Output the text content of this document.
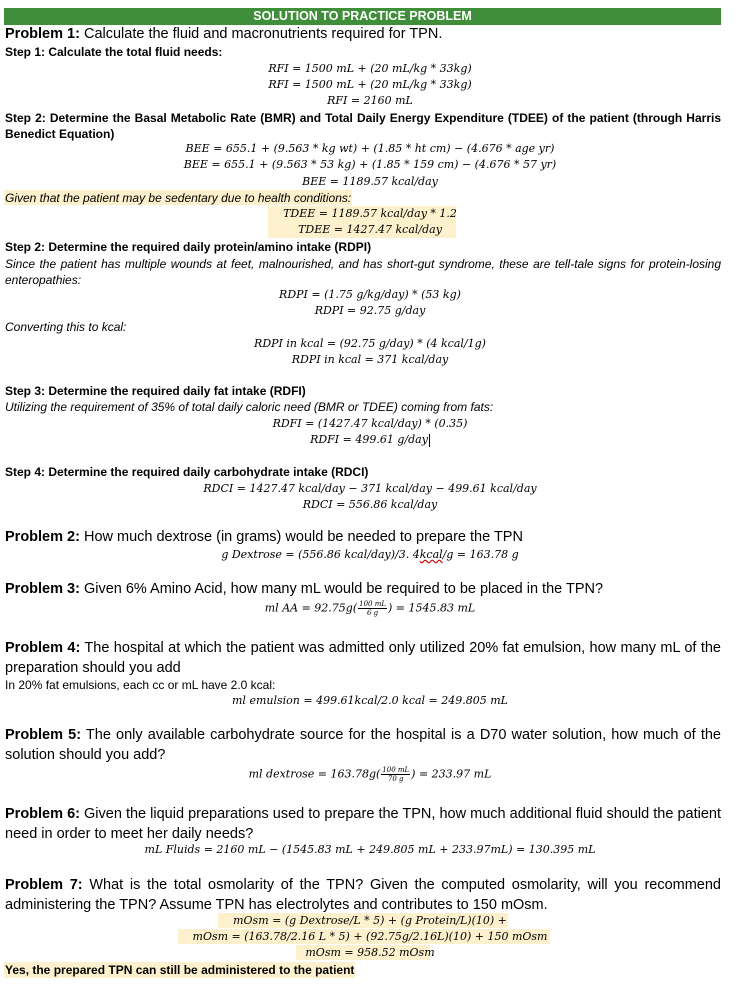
SOLUTION TO PRACTICE PROBLEM
Problem 1: Calculate the fluid and macronutrients required for TPN.
Step 1: Calculate the total fluid needs:
RFI = 1500 mL + (20 mL/kg * 33kg)
RFI = 1500 mL + (20 mL/kg * 33kg)
RFI = 2160 mL
Step 2: Determine the Basal Metabolic Rate (BMR) and Total Daily Energy Expenditure (TDEE) of the patient (through Harris Benedict Equation)
BEE = 655.1 + (9.563 * kg wt) + (1.85 * ht cm) − (4.676 * age yr)
BEE = 655.1 + (9.563 * 53 kg) + (1.85 * 159 cm) − (4.676 * 57 yr)
BEE = 1189.57 kcal/day
Given that the patient may be sedentary due to health conditions:
TDEE = 1189.57 kcal/day * 1.2
TDEE = 1427.47 kcal/day
Step 2: Determine the required daily protein/amino intake (RDPI)
Since the patient has multiple wounds at feet, malnourished, and has short-gut syndrome, these are tell-tale signs for protein-losing enteropathies:
RDPI = (1.75 g/kg/day) * (53 kg)
RDPI = 92.75 g/day
Converting this to kcal:
RDPI in kcal = (92.75 g/day) * (4 kcal/1g)
RDPI in kcal = 371 kcal/day
Step 3: Determine the required daily fat intake (RDFI)
Utilizing the requirement of 35% of total daily caloric need (BMR or TDEE) coming from fats:
RDFI = (1427.47 kcal/day) * (0.35)
RDFI = 499.61 g/day
Step 4: Determine the required daily carbohydrate intake (RDCI)
RDCI = 1427.47 kcal/day − 371 kcal/day − 499.61 kcal/day
RDCI = 556.86 kcal/day
Problem 2: How much dextrose (in grams) would be needed to prepare the TPN
g Dextrose = (556.86 kcal/day)/3. 4kcal/g = 163.78 g
Problem 3: Given 6% Amino Acid, how many mL would be required to be placed in the TPN?
ml AA = $92.75g( \frac{100 mL}{6 g}$ ) = 1545.83 mL
Problem 4: The hospital at which the patient was admitted only utilized 20% fat emulsion, how many mL of the preparation should you add
In 20% fat emulsions, each cc or mL have 2.0 kcal:
ml emulsion = 499.61kcal/2.0 kcal = 249.805 mL
Problem 5: The only available carbohydrate source for the hospital is a D70 water solution, how much of the solution should you add?
ml dextrose = $163.78g( \frac{100 mL}{70 g}$ ) = 233.97 mL
Problem 6: Given the liquid preparations used to prepare the TPN, how much additional fluid should the patient need in order to meet her daily needs?
mL Fluids = 2160 mL − (1545.83 mL + 249.805 mL + 233.97mL) = 130.395 mL
Problem 7: What is the total osmolarity of the TPN? Given the computed osmolarity, will you recommend administering the TPN? Assume TPN has electrolytes and contributes to 150 mOsm.
mOsm = (g Dextrose/L * 5) + (g Protein/L)(10) +
mOsm = (163.78/2.16 L * 5) + (92.75g/2.16L)(10) + 150 mOsm
mOsm = 958.52 mOsm
Yes, the prepared TPN can still be administered to the patient
